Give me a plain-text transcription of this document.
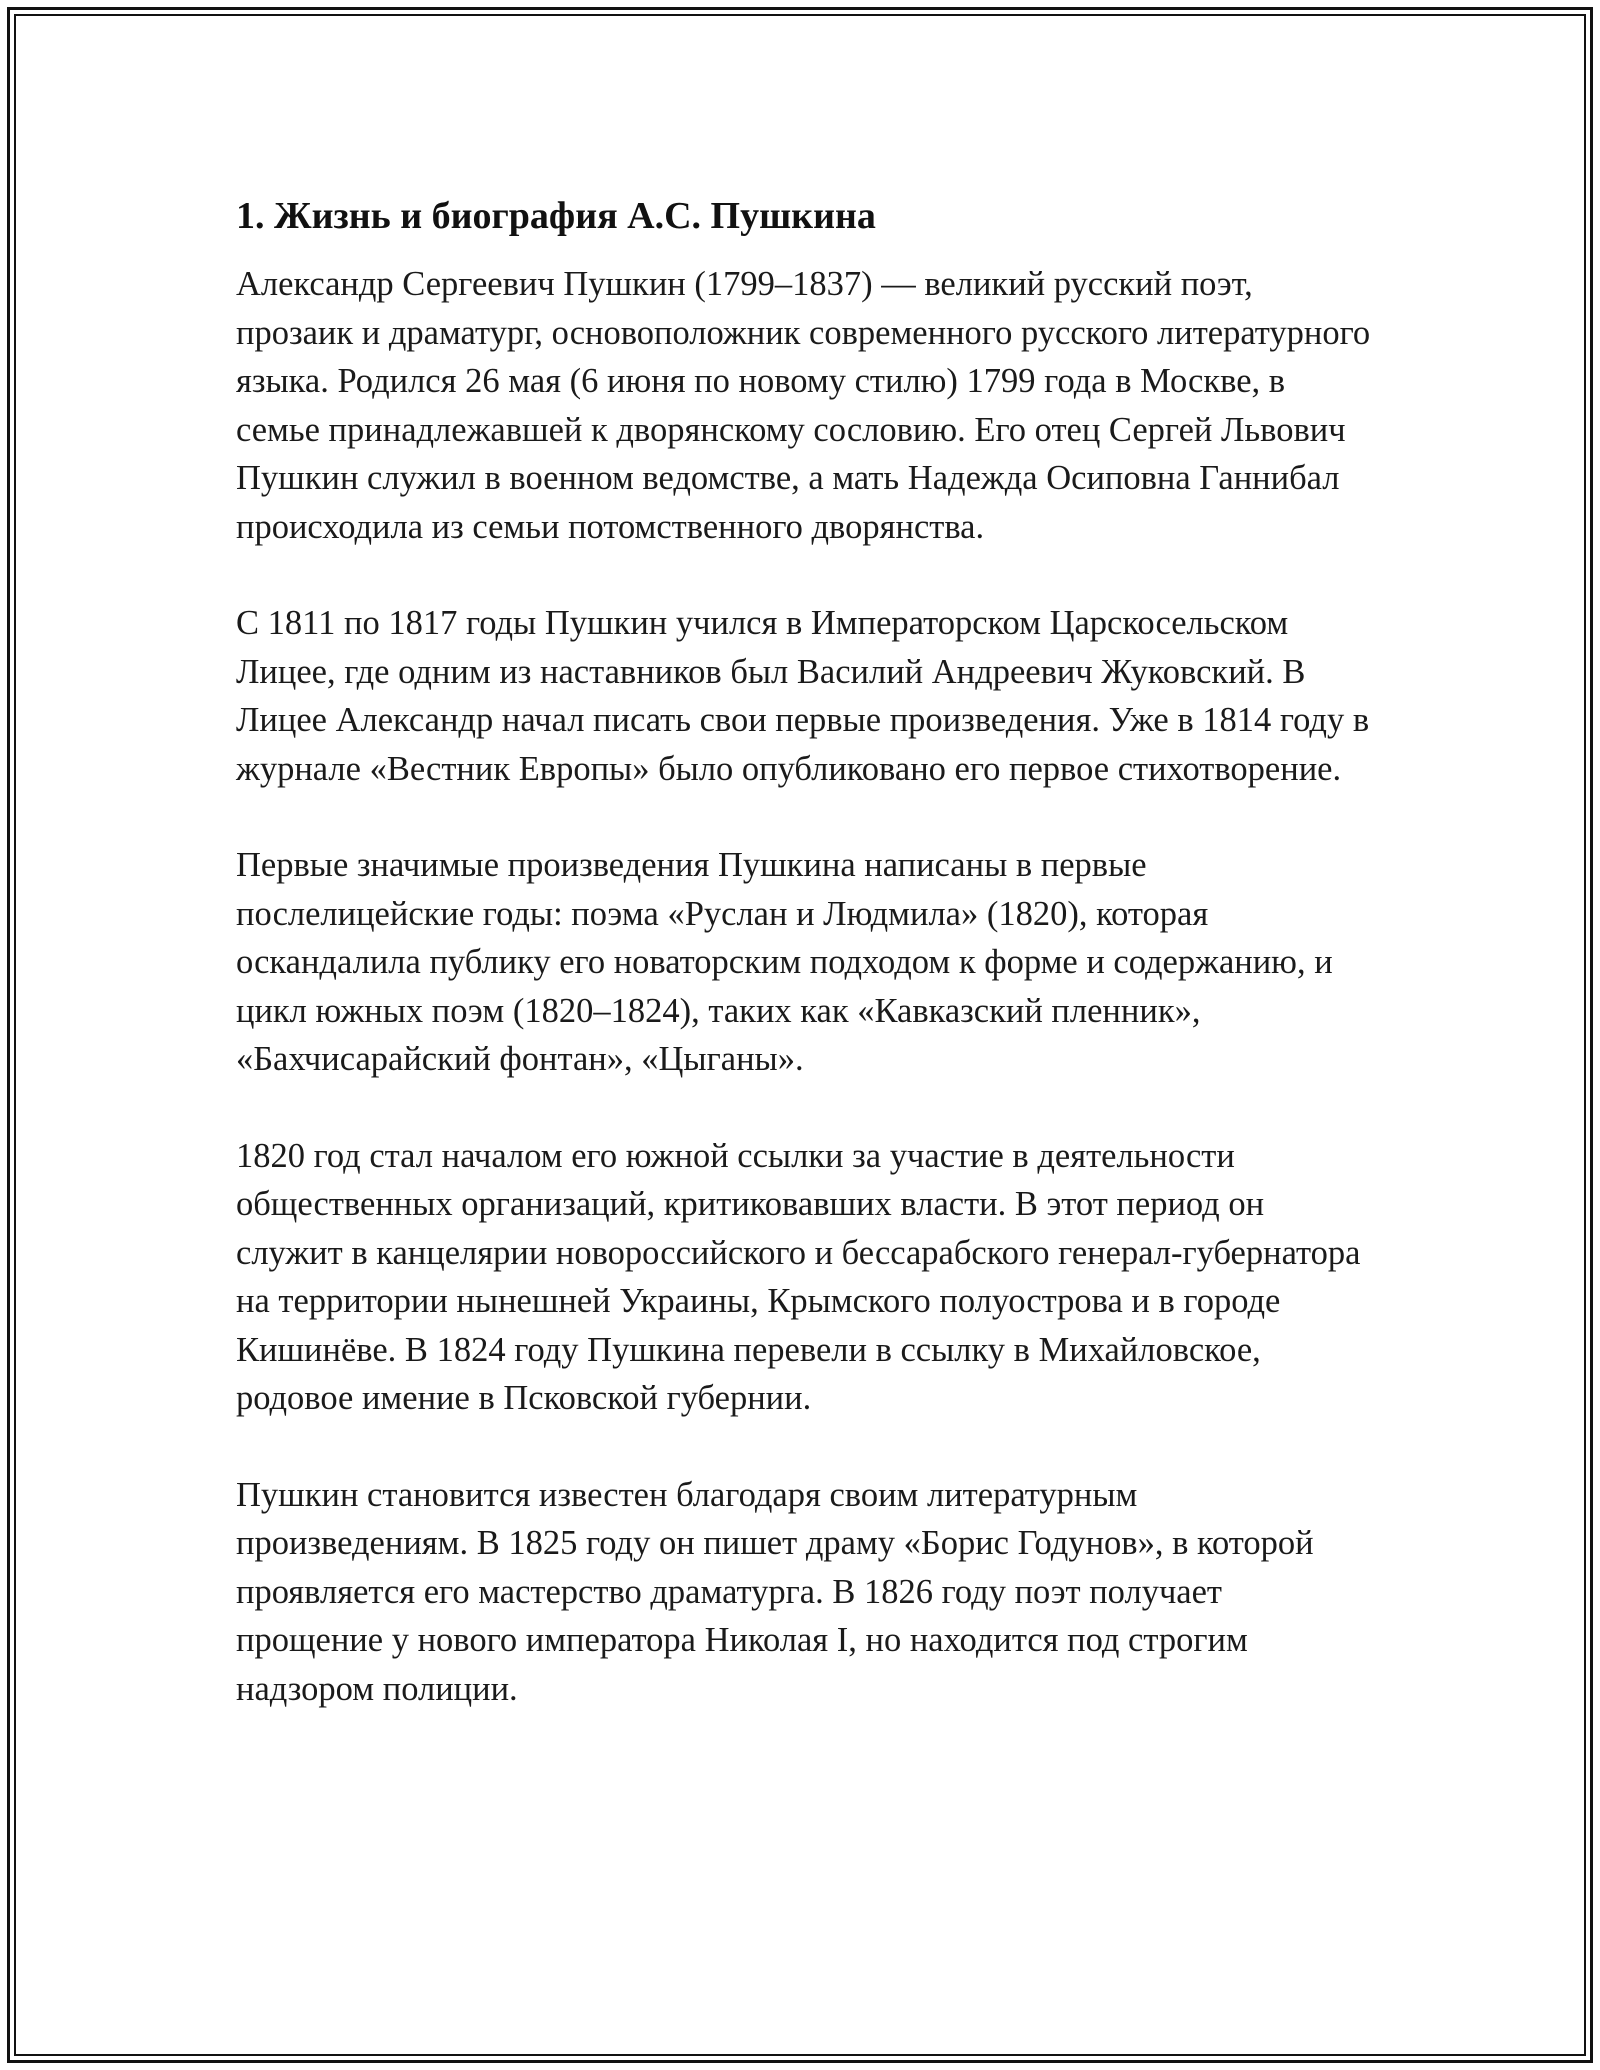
1. Жизнь и биография А.С. Пушкина

Александр Сергеевич Пушкин (1799–1837) — великий русский поэт, прозаик и драматург, основоположник современного русского литературного языка. Родился 26 мая (6 июня по новому стилю) 1799 года в Москве, в семье принадлежавшей к дворянскому сословию. Его отец Сергей Львович Пушкин служил в военном ведомстве, а мать Надежда Осиповна Ганнибал происходила из семьи потомственного дворянства.

С 1811 по 1817 годы Пушкин учился в Императорском Царскосельском Лицее, где одним из наставников был Василий Андреевич Жуковский. В Лицее Александр начал писать свои первые произведения. Уже в 1814 году в журнале «Вестник Европы» было опубликовано его первое стихотворение.

Первые значимые произведения Пушкина написаны в первые послелицейские годы: поэма «Руслан и Людмила» (1820), которая оскандалила публику его новаторским подходом к форме и содержанию, и цикл южных поэм (1820–1824), таких как «Кавказский пленник», «Бахчисарайский фонтан», «Цыганы».

1820 год стал началом его южной ссылки за участие в деятельности общественных организаций, критиковавших власти. В этот период он служит в канцелярии новороссийского и бессарабского генерал-губернатора на территории нынешней Украины, Крымского полуострова и в городе Кишинёве. В 1824 году Пушкина перевели в ссылку в Михайловское, родовое имение в Псковской губернии.

Пушкин становится известен благодаря своим литературным произведениям. В 1825 году он пишет драму «Борис Годунов», в которой проявляется его мастерство драматурга. В 1826 году поэт получает прощение у нового императора Николая I, но находится под строгим надзором полиции.
